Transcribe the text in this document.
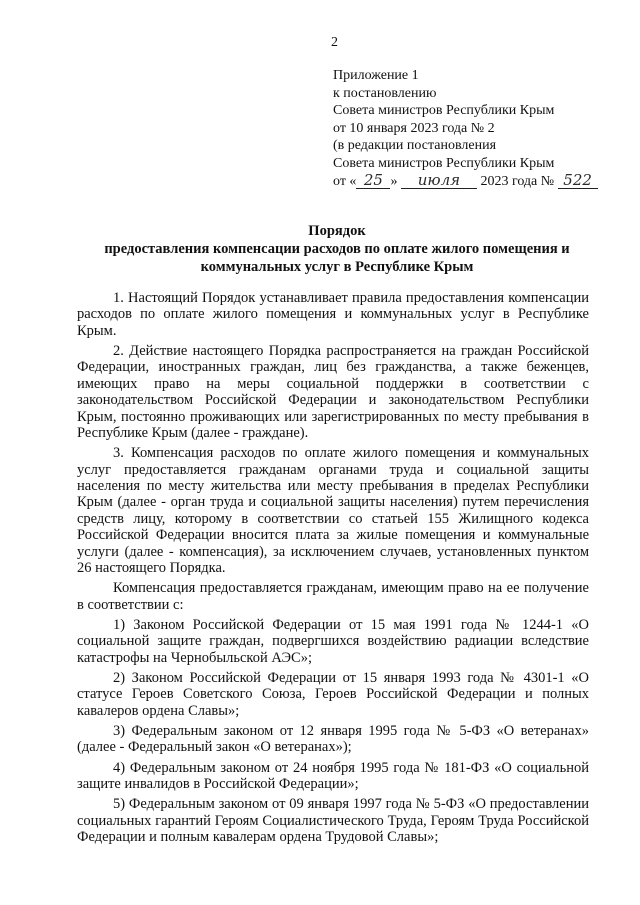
2
Приложение 1
к постановлению
Совета министров Республики Крым
от 10 января 2023 года № 2
(в редакции постановления
Совета министров Республики Крым
от « 25 » июля 2023 года № 522
Порядок
предоставления компенсации расходов по оплате жилого помещения и
коммунальных услуг в Республике Крым

1. Настоящий Порядок устанавливает правила предоставления компенсации расходов по оплате жилого помещения и коммунальных услуг в Республике Крым.

2. Действие настоящего Порядка распространяется на граждан Российской Федерации, иностранных граждан, лиц без гражданства, а также беженцев, имеющих право на меры социальной поддержки в соответствии с законодательством Российской Федерации и законодательством Республики Крым, постоянно проживающих или зарегистрированных по месту пребывания в Республике Крым (далее - граждане).

3. Компенсация расходов по оплате жилого помещения и коммунальных услуг предоставляется гражданам органами труда и социальной защиты населения по месту жительства или месту пребывания в пределах Республики Крым (далее - орган труда и социальной защиты населения) путем перечисления средств лицу, которому в соответствии со статьей 155 Жилищного кодекса Российской Федерации вносится плата за жилые помещения и коммунальные услуги (далее - компенсация), за исключением случаев, установленных пунктом 26 настоящего Порядка.

Компенсация предоставляется гражданам, имеющим право на ее получение в соответствии с:

1) Законом Российской Федерации от 15 мая 1991 года № 1244-1 «О социальной защите граждан, подвергшихся воздействию радиации вследствие катастрофы на Чернобыльской АЭС»;

2) Законом Российской Федерации от 15 января 1993 года № 4301-1 «О статусе Героев Советского Союза, Героев Российской Федерации и полных кавалеров ордена Славы»;

3) Федеральным законом от 12 января 1995 года № 5-ФЗ «О ветеранах» (далее - Федеральный закон «О ветеранах»);

4) Федеральным законом от 24 ноября 1995 года № 181-ФЗ «О социальной защите инвалидов в Российской Федерации»;

5) Федеральным законом от 09 января 1997 года № 5-ФЗ «О предоставлении социальных гарантий Героям Социалистического Труда, Героям Труда Российской Федерации и полным кавалерам ордена Трудовой Славы»;
